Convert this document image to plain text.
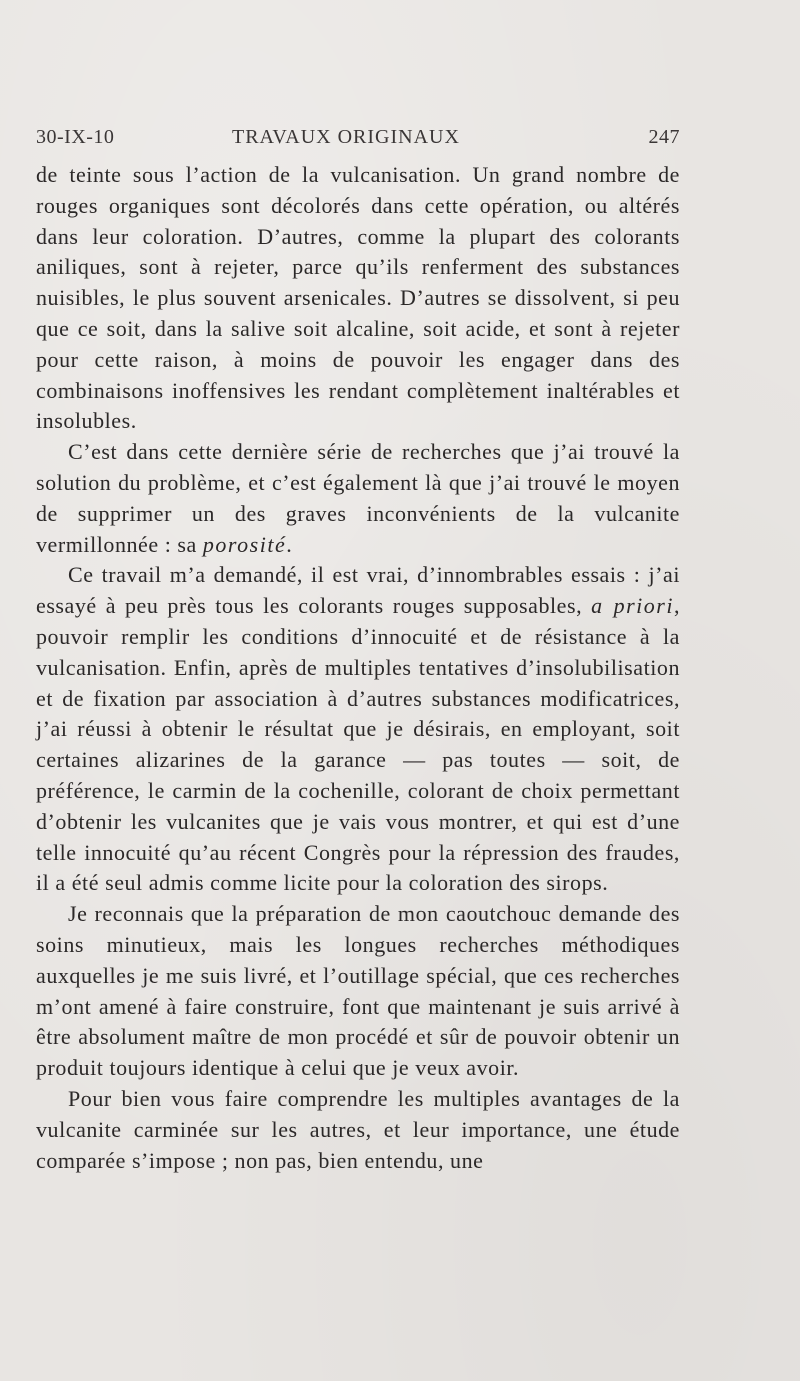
30-IX-10	TRAVAUX ORIGINAUX	247

de teinte sous l’action de la vulcanisation. Un grand nombre de rouges organiques sont décolorés dans cette opération, ou altérés dans leur coloration. D’autres, comme la plupart des colorants aniliques, sont à rejeter, parce qu’ils renferment des substances nuisibles, le plus souvent arsenicales. D’autres se dissolvent, si peu que ce soit, dans la salive soit alcaline, soit acide, et sont à rejeter pour cette raison, à moins de pouvoir les engager dans des combinaisons inoffensives les rendant complètement inaltérables et insolubles.

C’est dans cette dernière série de recherches que j’ai trouvé la solution du problème, et c’est également là que j’ai trouvé le moyen de supprimer un des graves inconvénients de la vulcanite vermillonnée : sa porosité.

Ce travail m’a demandé, il est vrai, d’innombrables essais : j’ai essayé à peu près tous les colorants rouges supposables, a priori, pouvoir remplir les conditions d’innocuité et de résistance à la vulcanisation. Enfin, après de multiples tentatives d’insolubilisation et de fixation par association à d’autres substances modificatrices, j’ai réussi à obtenir le résultat que je désirais, en employant, soit certaines alizarines de la garance — pas toutes — soit, de préférence, le carmin de la cochenille, colorant de choix permettant d’obtenir les vulcanites que je vais vous montrer, et qui est d’une telle innocuité qu’au récent Congrès pour la répression des fraudes, il a été seul admis comme licite pour la coloration des sirops.

Je reconnais que la préparation de mon caoutchouc demande des soins minutieux, mais les longues recherches méthodiques auxquelles je me suis livré, et l’outillage spécial, que ces recherches m’ont amené à faire construire, font que maintenant je suis arrivé à être absolument maître de mon procédé et sûr de pouvoir obtenir un produit toujours identique à celui que je veux avoir.

Pour bien vous faire comprendre les multiples avantages de la vulcanite carminée sur les autres, et leur importance, une étude comparée s’impose ; non pas, bien entendu, une
